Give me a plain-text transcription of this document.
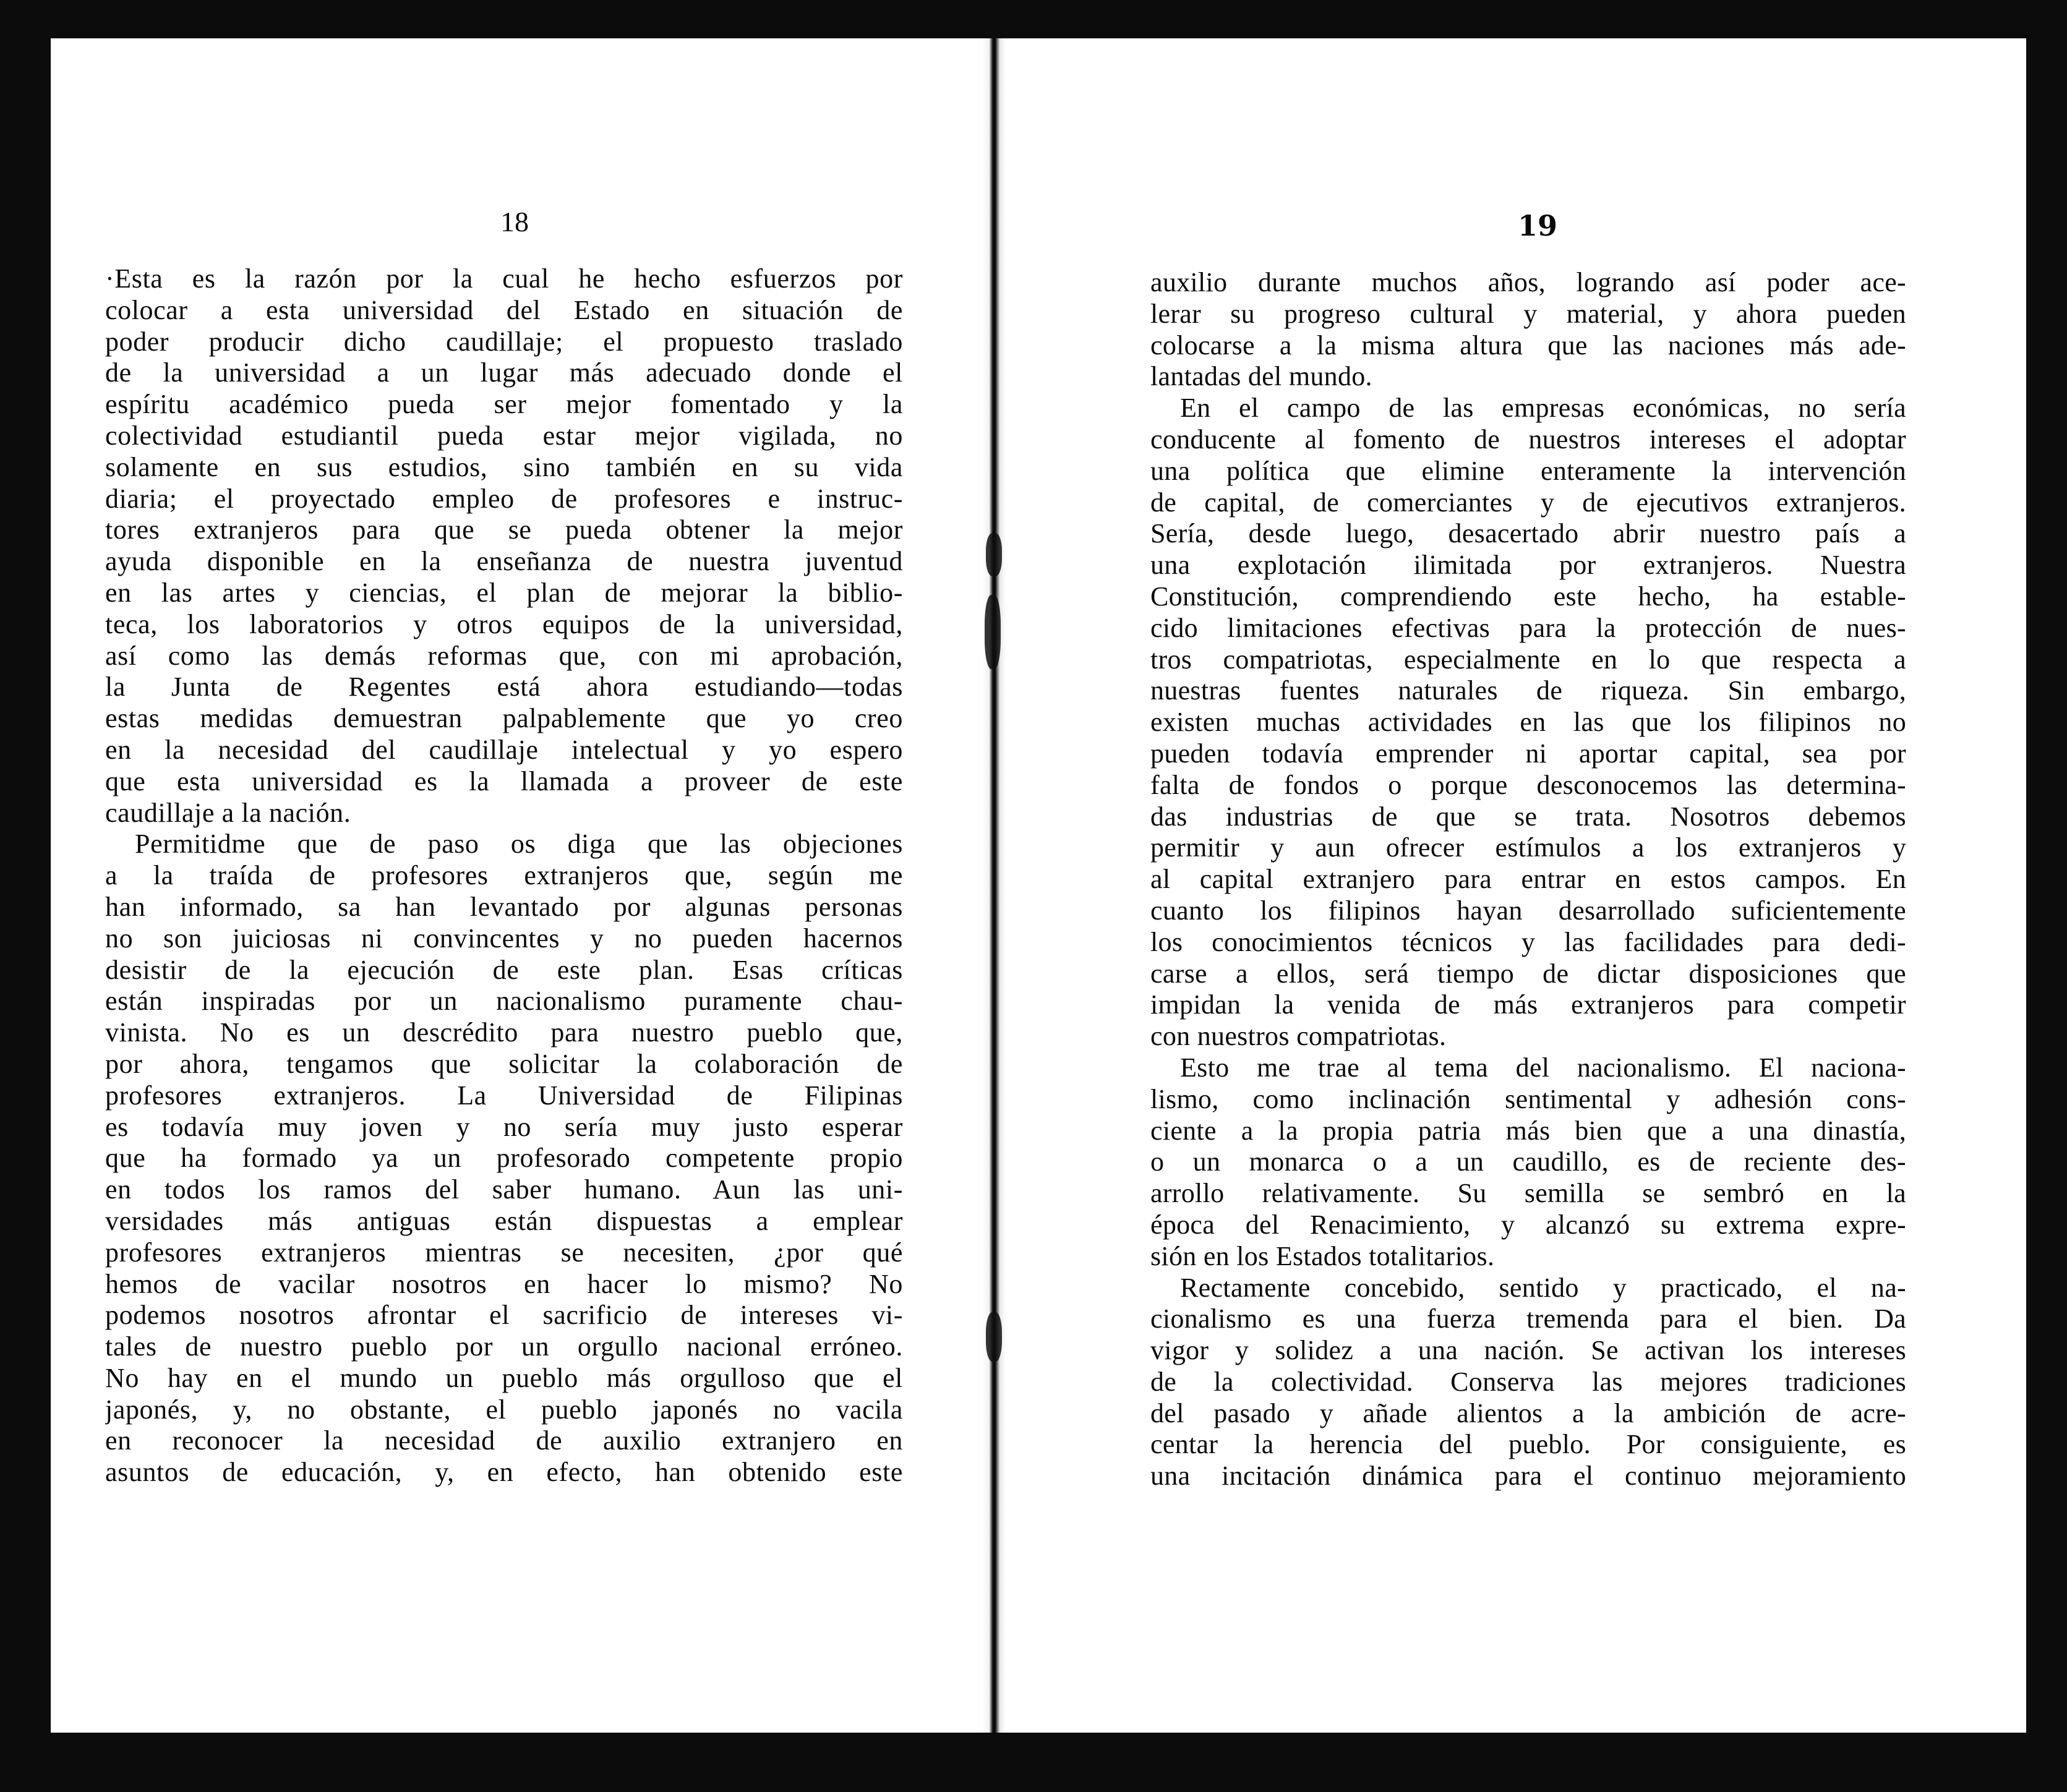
18
·Esta es la razón por la cual he hecho esfuerzos por
colocar a esta universidad del Estado en situación de
poder producir dicho caudillaje; el propuesto traslado
de la universidad a un lugar más adecuado donde el
espíritu académico pueda ser mejor fomentado y la
colectividad estudiantil pueda estar mejor vigilada, no
solamente en sus estudios, sino también en su vida
diaria; el proyectado empleo de profesores e instruc-
tores extranjeros para que se pueda obtener la mejor
ayuda disponible en la enseñanza de nuestra juventud
en las artes y ciencias, el plan de mejorar la biblio-
teca, los laboratorios y otros equipos de la universidad,
así como las demás reformas que, con mi aprobación,
la Junta de Regentes está ahora estudiando—todas
estas medidas demuestran palpablemente que yo creo
en la necesidad del caudillaje intelectual y yo espero
que esta universidad es la llamada a proveer de este
caudillaje a la nación.
Permitidme que de paso os diga que las objeciones
a la traída de profesores extranjeros que, según me
han informado, sa han levantado por algunas personas
no son juiciosas ni convincentes y no pueden hacernos
desistir de la ejecución de este plan. Esas críticas
están inspiradas por un nacionalismo puramente chau-
vinista. No es un descrédito para nuestro pueblo que,
por ahora, tengamos que solicitar la colaboración de
profesores extranjeros. La Universidad de Filipinas
es todavía muy joven y no sería muy justo esperar
que ha formado ya un profesorado competente propio
en todos los ramos del saber humano. Aun las uni-
versidades más antiguas están dispuestas a emplear
profesores extranjeros mientras se necesiten, ¿por qué
hemos de vacilar nosotros en hacer lo mismo? No
podemos nosotros afrontar el sacrificio de intereses vi-
tales de nuestro pueblo por un orgullo nacional erróneo.
No hay en el mundo un pueblo más orgulloso que el
japonés, y, no obstante, el pueblo japonés no vacila
en reconocer la necesidad de auxilio extranjero en
asuntos de educación, y, en efecto, han obtenido este
19
auxilio durante muchos años, logrando así poder ace-
lerar su progreso cultural y material, y ahora pueden
colocarse a la misma altura que las naciones más ade-
lantadas del mundo.
En el campo de las empresas económicas, no sería
conducente al fomento de nuestros intereses el adoptar
una política que elimine enteramente la intervención
de capital, de comerciantes y de ejecutivos extranjeros.
Sería, desde luego, desacertado abrir nuestro país a
una explotación ilimitada por extranjeros. Nuestra
Constitución, comprendiendo este hecho, ha estable-
cido limitaciones efectivas para la protección de nues-
tros compatriotas, especialmente en lo que respecta a
nuestras fuentes naturales de riqueza. Sin embargo,
existen muchas actividades en las que los filipinos no
pueden todavía emprender ni aportar capital, sea por
falta de fondos o porque desconocemos las determina-
das industrias de que se trata. Nosotros debemos
permitir y aun ofrecer estímulos a los extranjeros y
al capital extranjero para entrar en estos campos. En
cuanto los filipinos hayan desarrollado suficientemente
los conocimientos técnicos y las facilidades para dedi-
carse a ellos, será tiempo de dictar disposiciones que
impidan la venida de más extranjeros para competir
con nuestros compatriotas.
Esto me trae al tema del nacionalismo. El naciona-
lismo, como inclinación sentimental y adhesión cons-
ciente a la propia patria más bien que a una dinastía,
o un monarca o a un caudillo, es de reciente des-
arrollo relativamente. Su semilla se sembró en la
época del Renacimiento, y alcanzó su extrema expre-
sión en los Estados totalitarios.
Rectamente concebido, sentido y practicado, el na-
cionalismo es una fuerza tremenda para el bien. Da
vigor y solidez a una nación. Se activan los intereses
de la colectividad. Conserva las mejores tradiciones
del pasado y añade alientos a la ambición de acre-
centar la herencia del pueblo. Por consiguiente, es
una incitación dinámica para el continuo mejoramiento
